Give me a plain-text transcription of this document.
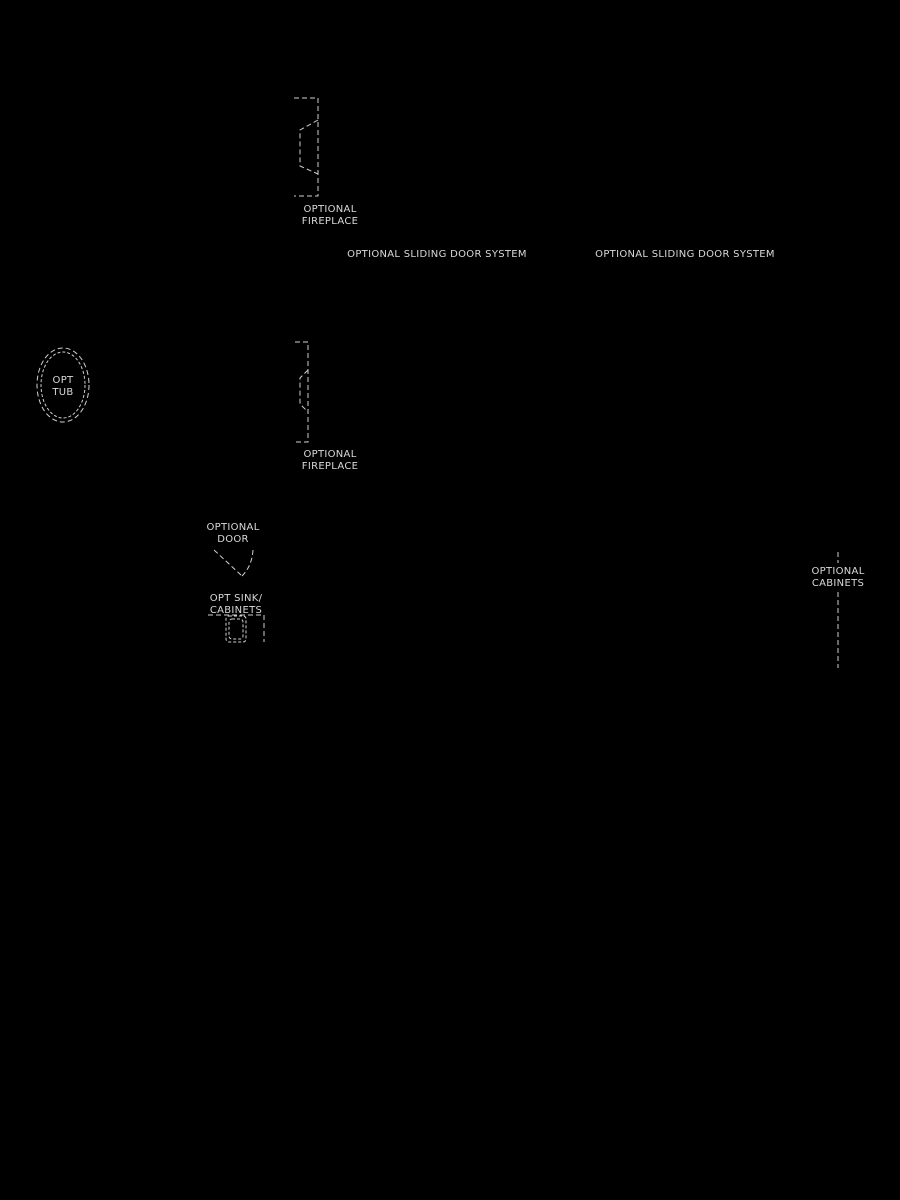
OPTIONAL
FIREPLACE
OPTIONAL SLIDING DOOR SYSTEM	OPTIONAL SLIDING DOOR SYSTEM
OPT
TUB
OPTIONAL
FIREPLACE
OPTIONAL
DOOR
OPT SINK/
CABINETS
OPTIONAL
CABINETS
